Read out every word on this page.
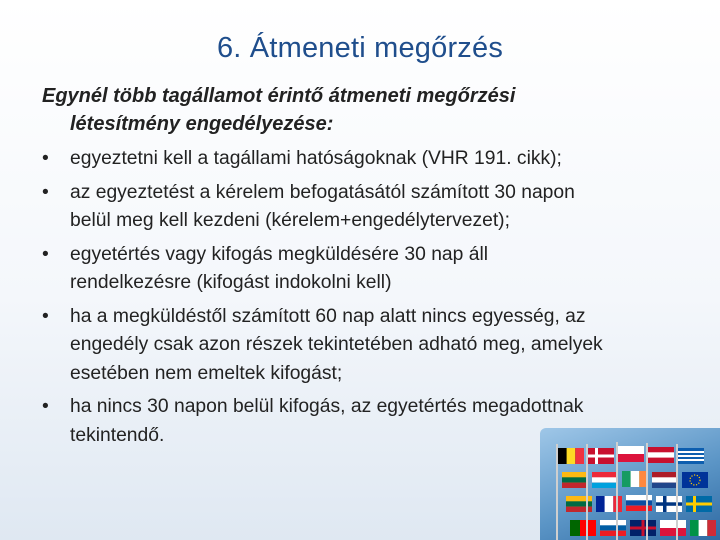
6. Átmeneti megőrzés
Egynél több tagállamot érintő átmeneti megőrzési
létesítmény engedélyezése:
• egyeztetni kell a tagállami hatóságoknak (VHR 191. cikk);
• az egyeztetést a kérelem befogatásától számított 30 napon
belül meg kell kezdeni (kérelem+engedélytervezet);
• egyetértés vagy kifogás megküldésére 30 nap áll
rendelkezésre (kifogást indokolni kell)
• ha a megküldéstől számított 60 nap alatt nincs egyesség, az
engedély csak azon részek tekintetében adható meg, amelyek
esetében nem emeltek kifogást;
• ha nincs 30 napon belül kifogás, az egyetértés megadottnak
tekintendő.
